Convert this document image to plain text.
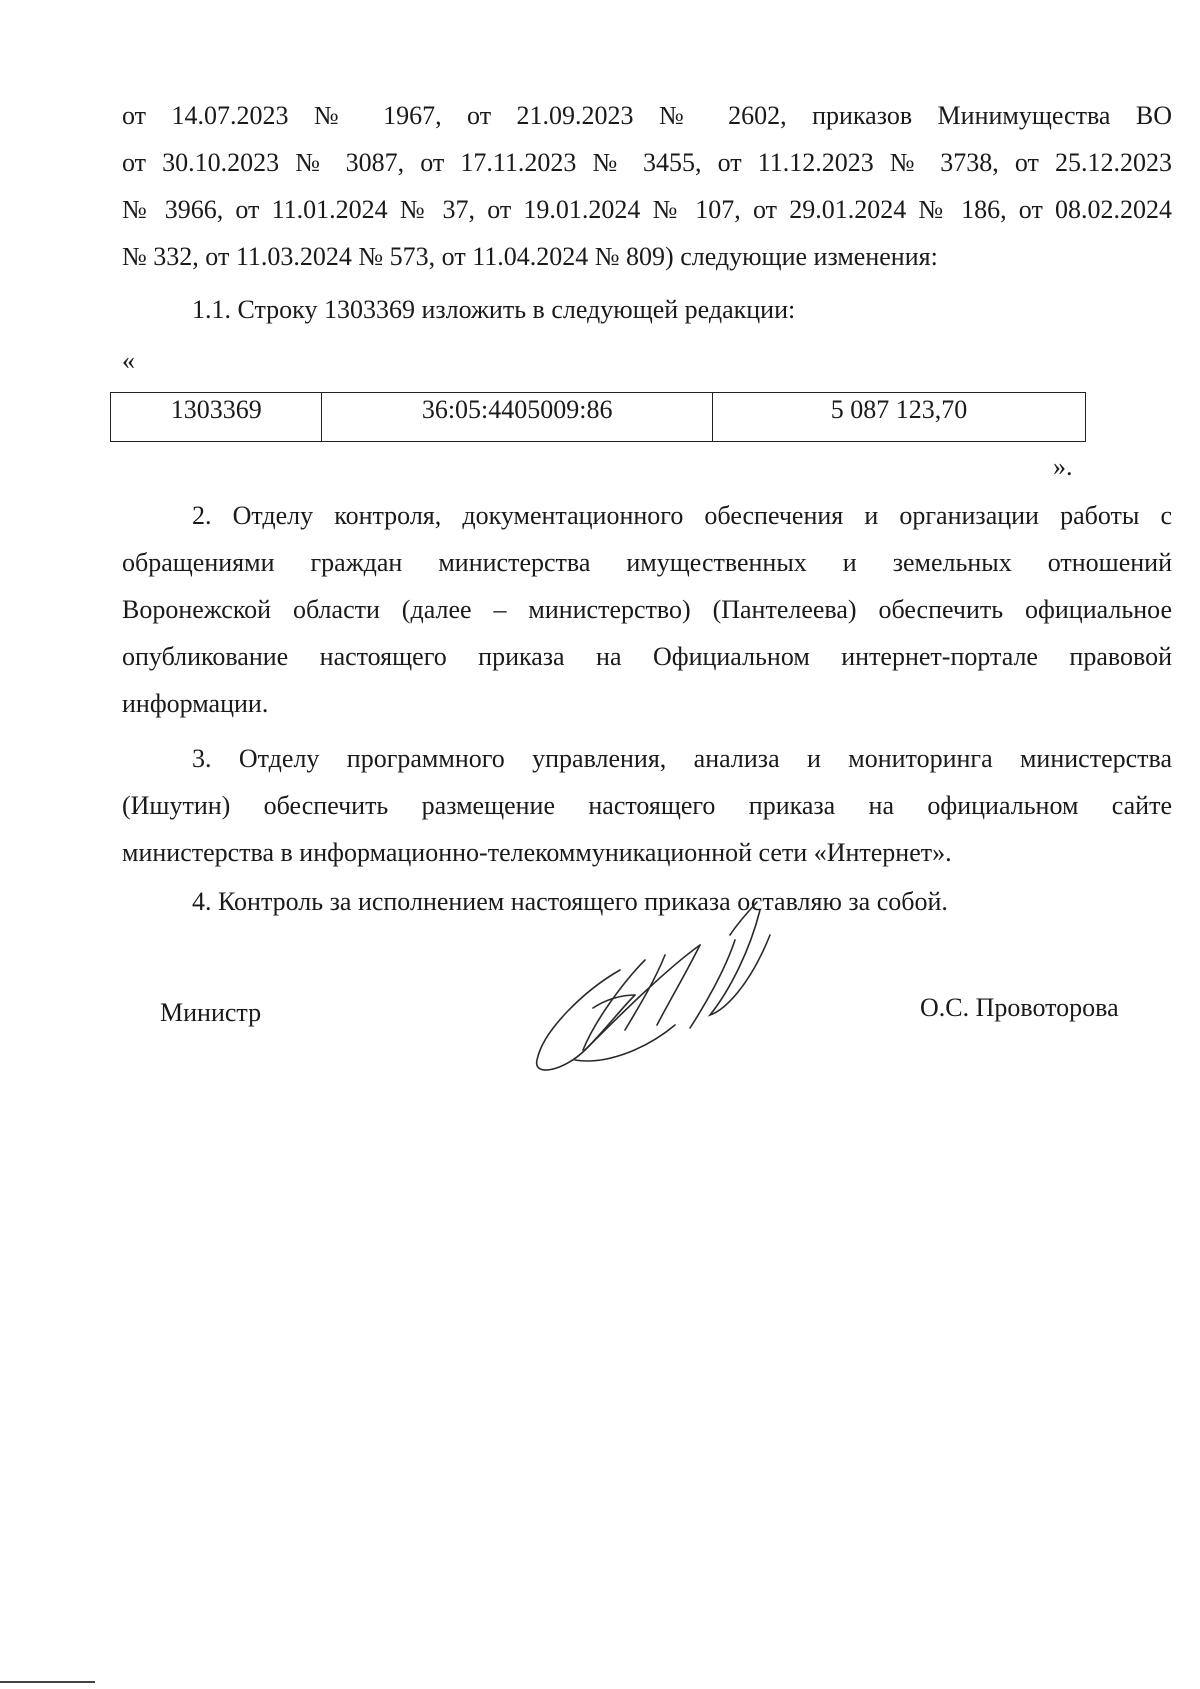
от 14.07.2023 № 1967, от 21.09.2023 № 2602, приказов Минимущества ВО
от 30.10.2023 № 3087, от 17.11.2023 № 3455, от 11.12.2023 № 3738, от 25.12.2023
№ 3966, от 11.01.2024 № 37, от 19.01.2024 № 107, от 29.01.2024 № 186, от 08.02.2024
№ 332, от 11.03.2024 № 573, от 11.04.2024 № 809) следующие изменения:
1.1. Строку 1303369 изложить в следующей редакции:
«
1303369	36:05:4405009:86	5 087 123,70
».
2. Отделу контроля, документационного обеспечения и организации работы с
обращениями граждан министерства имущественных и земельных отношений
Воронежской области (далее – министерство) (Пантелеева) обеспечить официальное
опубликование настоящего приказа на Официальном интернет-портале правовой
информации.
3. Отделу программного управления, анализа и мониторинга министерства
(Ишутин) обеспечить размещение настоящего приказа на официальном сайте
министерства в информационно-телекоммуникационной сети «Интернет».
4. Контроль за исполнением настоящего приказа оставляю за собой.
Министр	О.С. Провоторова
